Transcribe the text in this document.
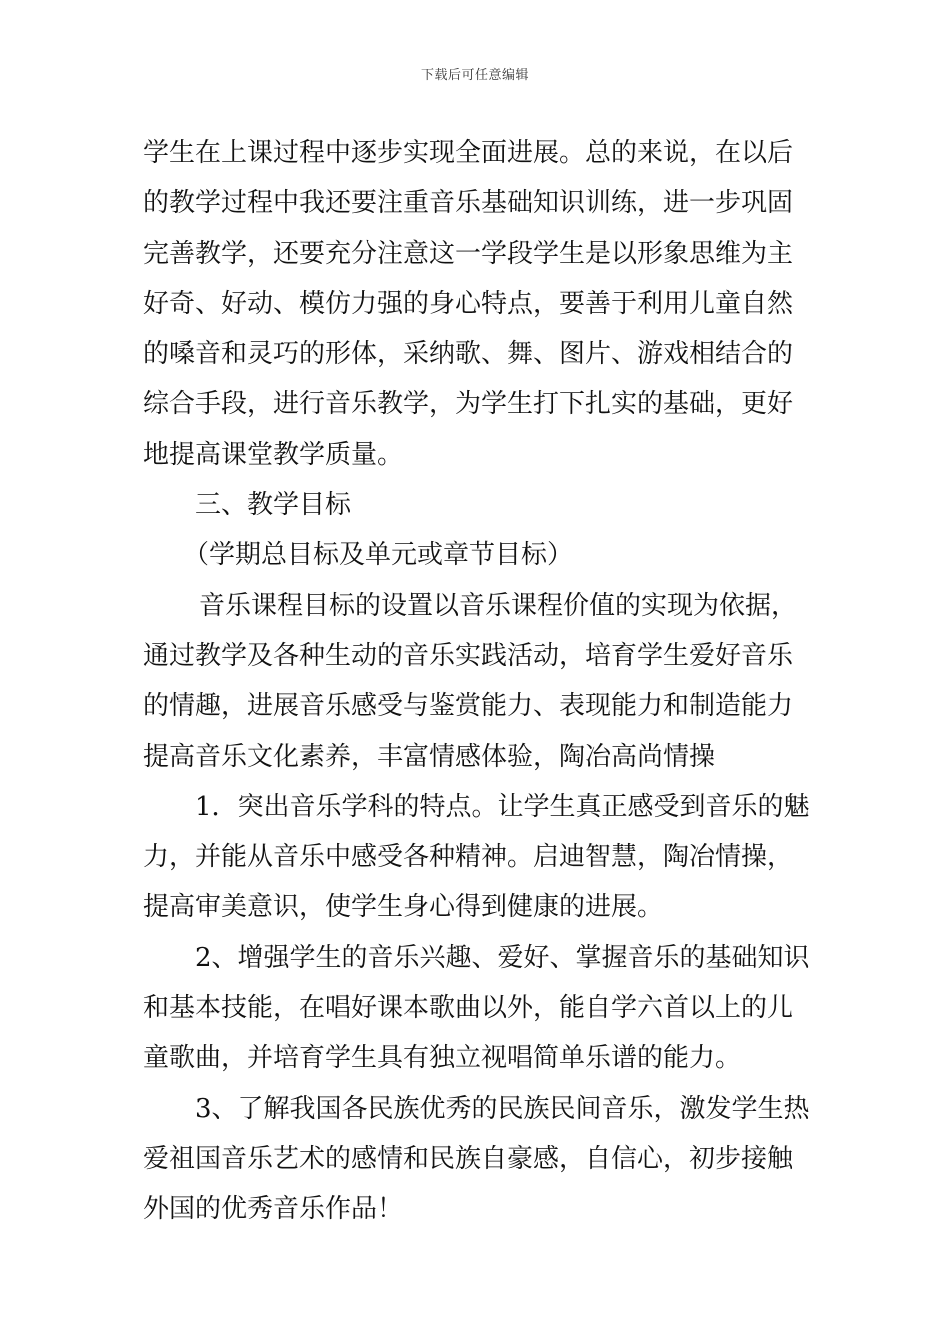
下载后可任意编辑
学生在上课过程中逐步实现全面进展。总的来说，在以后
的教学过程中我还要注重音乐基础知识训练，进一步巩固
完善教学，还要充分注意这一学段学生是以形象思维为主
好奇、好动、模仿力强的身心特点，要善于利用儿童自然
的嗓音和灵巧的形体，采纳歌、舞、图片、游戏相结合的
综合手段，进行音乐教学，为学生打下扎实的基础，更好
地提高课堂教学质量。
三、教学目标
（学期总目标及单元或章节目标）
音乐课程目标的设置以音乐课程价值的实现为依据，
通过教学及各种生动的音乐实践活动，培育学生爱好音乐
的情趣，进展音乐感受与鉴赏能力、表现能力和制造能力
提高音乐文化素养，丰富情感体验，陶冶高尚情操
1．突出音乐学科的特点。让学生真正感受到音乐的魅
力，并能从音乐中感受各种精神。启迪智慧，陶冶情操，
提高审美意识，使学生身心得到健康的进展。
2、增强学生的音乐兴趣、爱好、掌握音乐的基础知识
和基本技能，在唱好课本歌曲以外，能自学六首以上的儿
童歌曲，并培育学生具有独立视唱简单乐谱的能力。
3、了解我国各民族优秀的民族民间音乐，激发学生热
爱祖国音乐艺术的感情和民族自豪感，自信心，初步接触
外国的优秀音乐作品！
